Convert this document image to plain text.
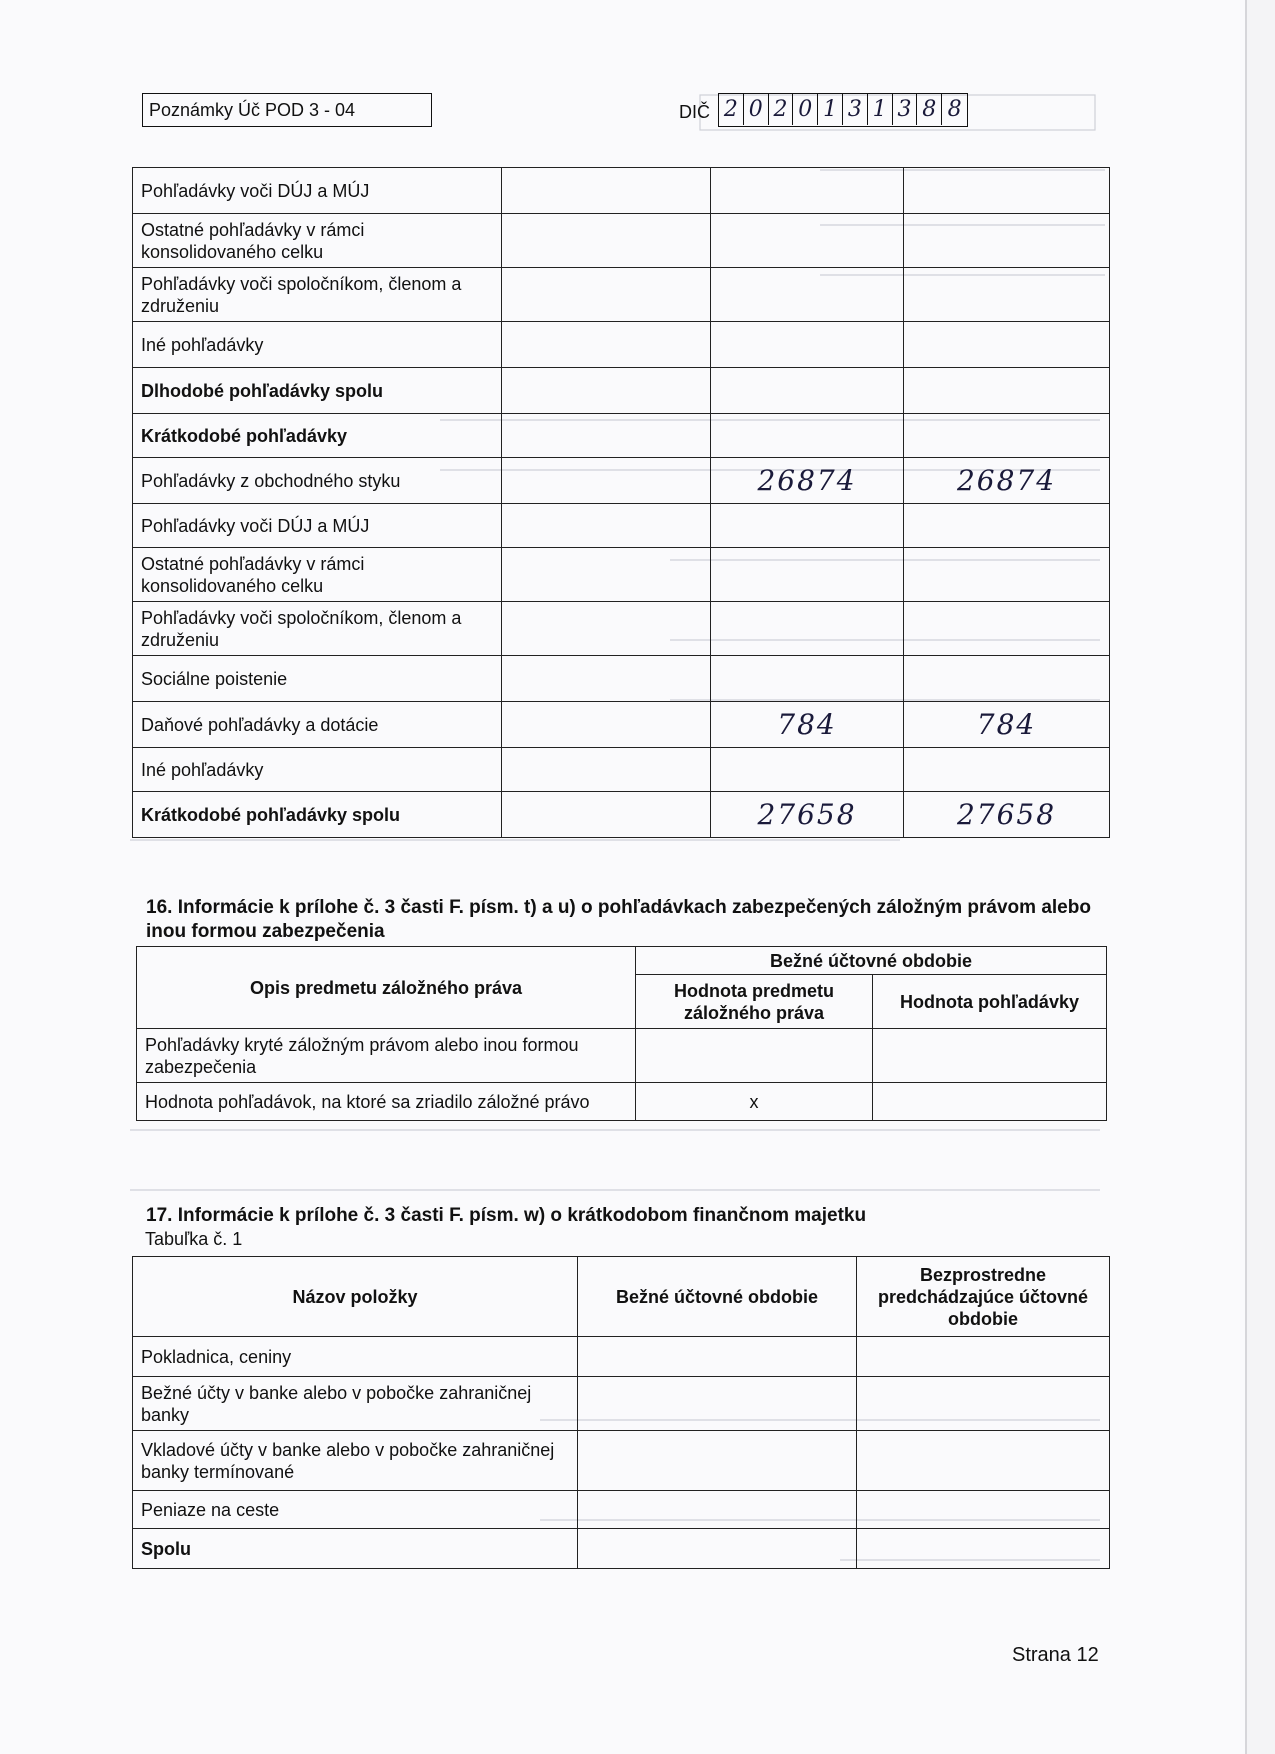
Poznámky Úč POD 3 - 04	DIČ 2 0 2 0 1 3 1 3 8 8
Pohľadávky voči DÚJ a MÚJ			
Ostatné pohľadávky v rámci konsolidovaného celku			
Pohľadávky voči spoločníkom, členom a združeniu			
Iné pohľadávky			
Dlhodobé pohľadávky spolu			
Krátkodobé pohľadávky			
Pohľadávky z obchodného styku		26874	26874
Pohľadávky voči DÚJ a MÚJ			
Ostatné pohľadávky v rámci konsolidovaného celku			
Pohľadávky voči spoločníkom, členom a združeniu			
Sociálne poistenie			
Daňové pohľadávky a dotácie		784	784
Iné pohľadávky			
Krátkodobé pohľadávky spolu		27658	27658
16. Informácie k prílohe č. 3 časti F. písm. t) a u) o pohľadávkach zabezpečených záložným právom alebo inou formou zabezpečenia
Opis predmetu záložného práva	Bežné účtovné obdobie	
	Hodnota predmetu záložného práva	Hodnota pohľadávky
Pohľadávky kryté záložným právom alebo inou formou zabezpečenia		
Hodnota pohľadávok, na ktoré sa zriadilo záložné právo	x	
17. Informácie k prílohe č. 3 časti F. písm. w) o krátkodobom finančnom majetku
Tabuľka č. 1
Názov položky	Bežné účtovné obdobie	Bezprostredne predchádzajúce účtovné obdobie
Pokladnica, ceniny		
Bežné účty v banke alebo v pobočke zahraničnej banky		
Vkladové účty v banke alebo v pobočke zahraničnej banky termínované		
Peniaze na ceste		
Spolu		
Strana 12
